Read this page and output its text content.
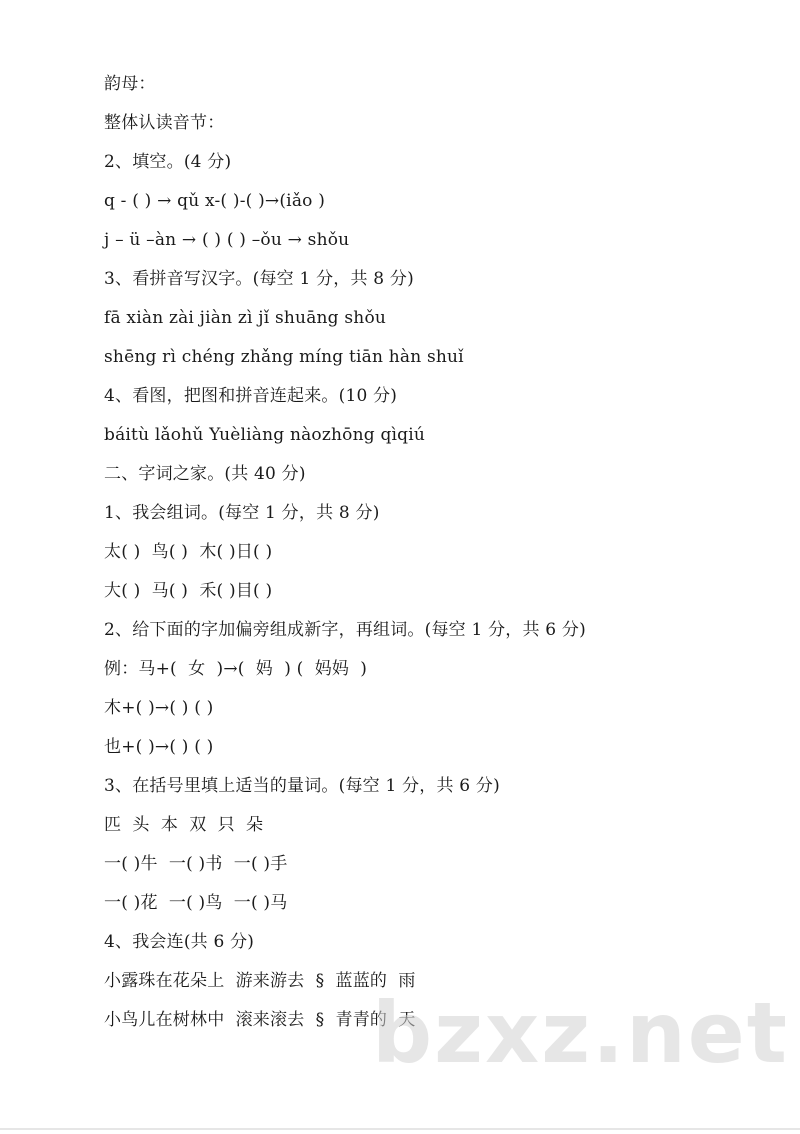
韵母：
整体认读音节：
2、填空。(4 分)
q - ( ) → qǔ x-( )-( )→(iǎo )
j – ü –àn → ( ) ( ) –ǒu → shǒu
3、看拼音写汉字。(每空 1 分，共 8 分)
fā xiàn zài jiàn zì jǐ shuāng shǒu
shēng rì chéng zhǎng míng tiān hàn shuǐ
4、看图，把图和拼音连起来。(10 分)
báitù lǎohǔ Yuèliàng nàozhōng qìqiú
二、字词之家。(共 40 分)
1、我会组词。(每空 1 分，共 8 分)
太( )  鸟( )  木( )日( )
大( )  马( )  禾( )目( )
2、给下面的字加偏旁组成新字，再组词。(每空 1 分，共 6 分)
例：马+(  女  )→(  妈  ) (  妈妈  )
木+( )→( ) ( )
也+( )→( ) ( )
3、在括号里填上适当的量词。(每空 1 分，共 6 分)
匹  头  本  双  只  朵
一( )牛  一( )书  一( )手
一( )花  一( )鸟  一( )马
4、我会连(共 6 分)
小露珠在花朵上  游来游去  §  蓝蓝的  雨
小鸟儿在树林中  滚来滚去  §  青青的  天
bzxz.net
